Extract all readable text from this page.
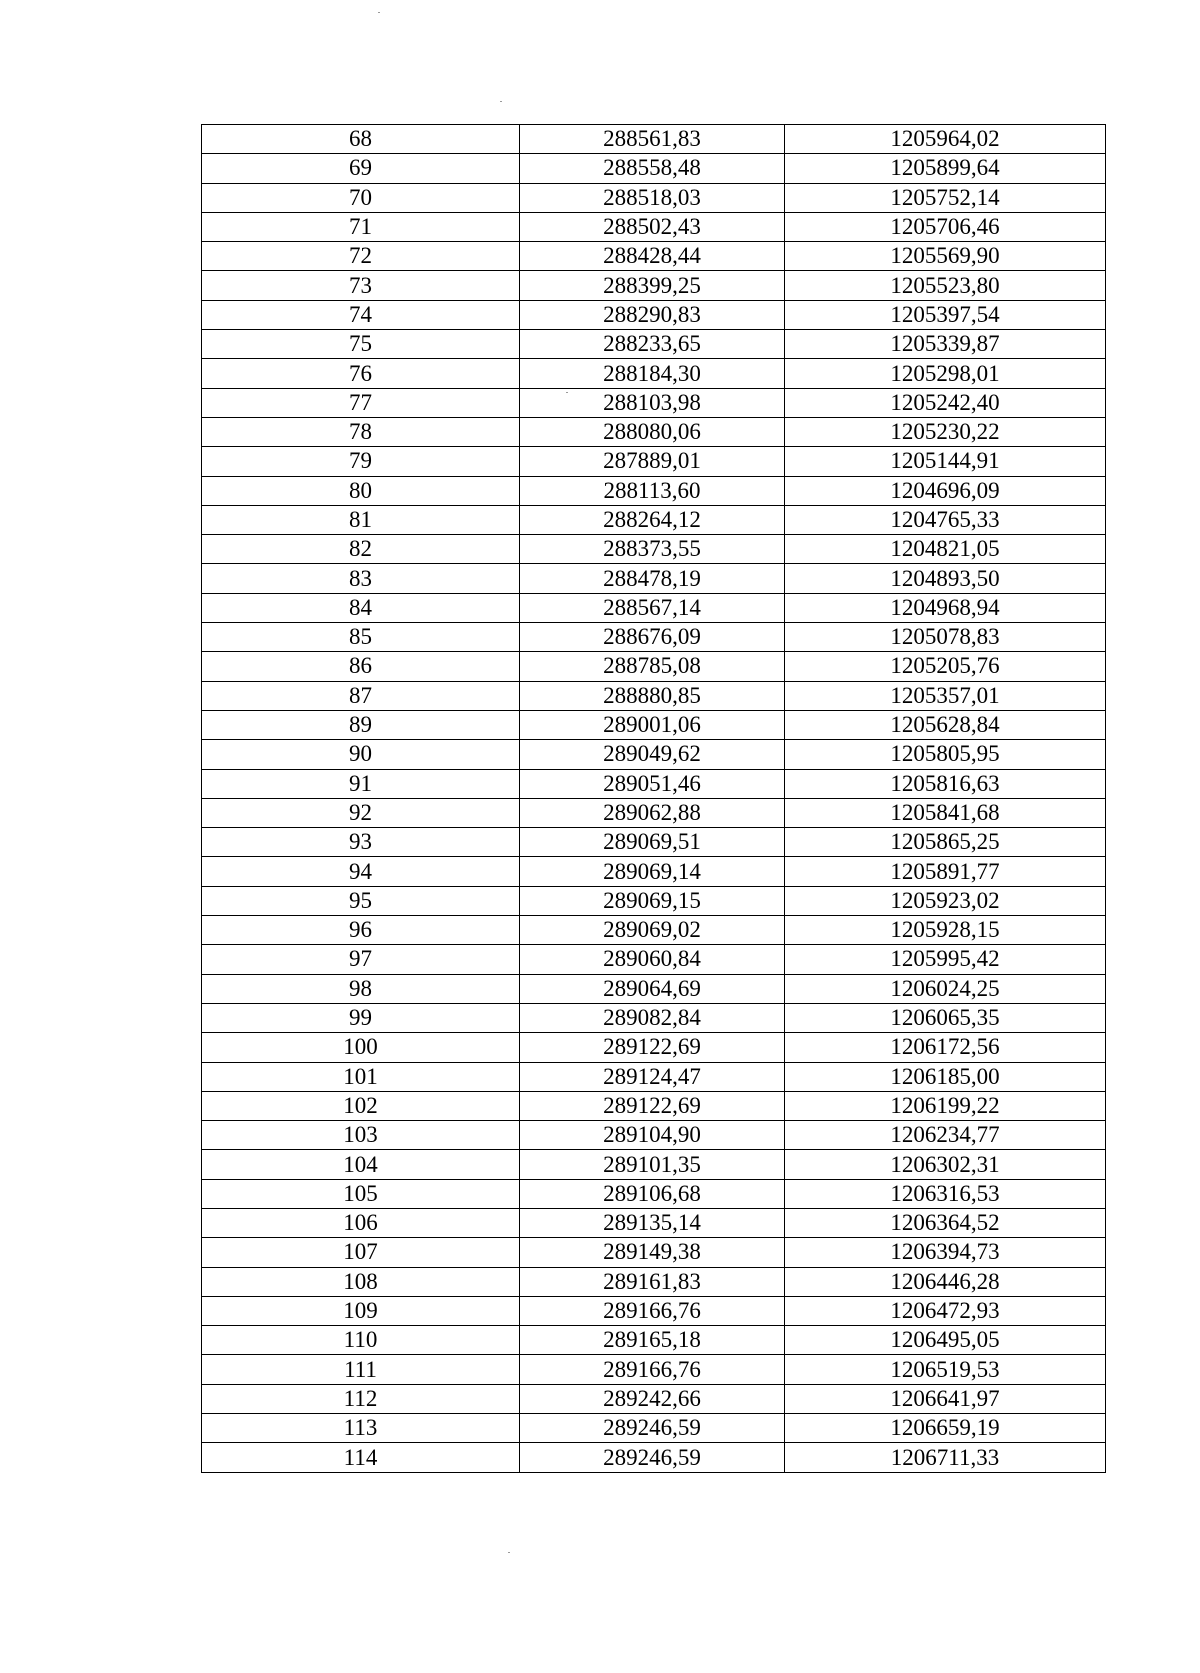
68	288561,83	1205964,02
69	288558,48	1205899,64
70	288518,03	1205752,14
71	288502,43	1205706,46
72	288428,44	1205569,90
73	288399,25	1205523,80
74	288290,83	1205397,54
75	288233,65	1205339,87
76	288184,30	1205298,01
77	288103,98	1205242,40
78	288080,06	1205230,22
79	287889,01	1205144,91
80	288113,60	1204696,09
81	288264,12	1204765,33
82	288373,55	1204821,05
83	288478,19	1204893,50
84	288567,14	1204968,94
85	288676,09	1205078,83
86	288785,08	1205205,76
87	288880,85	1205357,01
89	289001,06	1205628,84
90	289049,62	1205805,95
91	289051,46	1205816,63
92	289062,88	1205841,68
93	289069,51	1205865,25
94	289069,14	1205891,77
95	289069,15	1205923,02
96	289069,02	1205928,15
97	289060,84	1205995,42
98	289064,69	1206024,25
99	289082,84	1206065,35
100	289122,69	1206172,56
101	289124,47	1206185,00
102	289122,69	1206199,22
103	289104,90	1206234,77
104	289101,35	1206302,31
105	289106,68	1206316,53
106	289135,14	1206364,52
107	289149,38	1206394,73
108	289161,83	1206446,28
109	289166,76	1206472,93
110	289165,18	1206495,05
111	289166,76	1206519,53
112	289242,66	1206641,97
113	289246,59	1206659,19
114	289246,59	1206711,33
